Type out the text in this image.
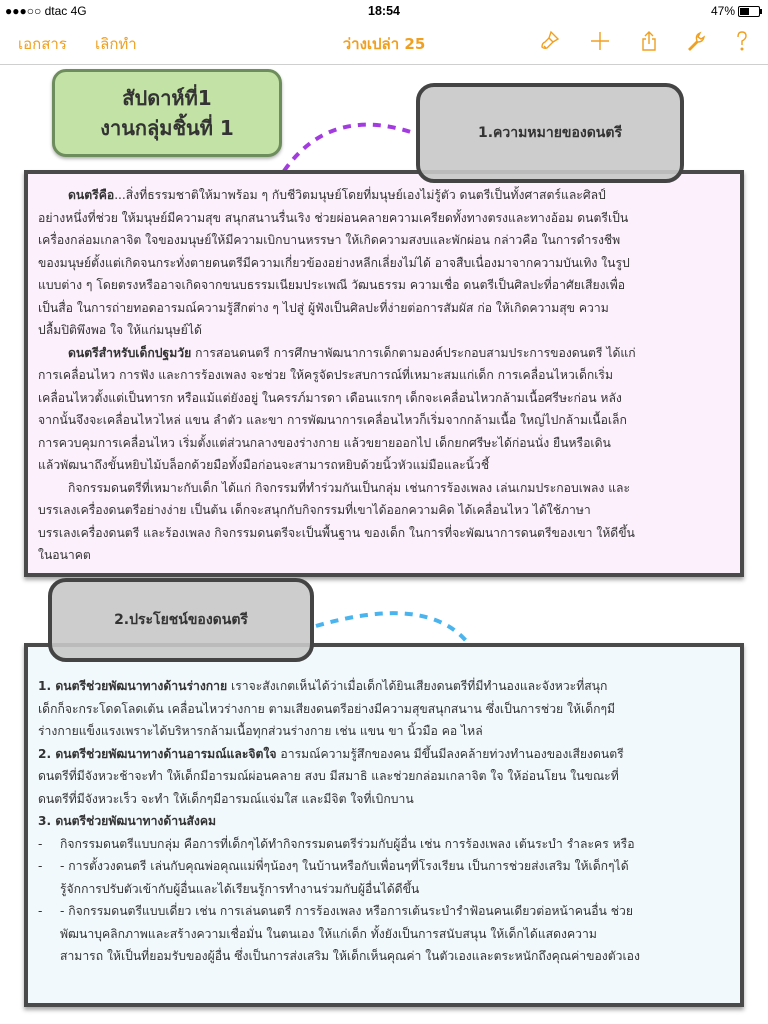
●●●○○ dtac 4G	18:54	47%
เอกสาร เลิกทำ	ว่างเปล่า 25
ดนตรีคือ...สิ่งที่ธรรมชาติให้มาพร้อม ๆ กับชีวิตมนุษย์โดยที่มนุษย์เองไม่รู้ตัว ดนตรีเป็นทั้งศาสตร์และศิลป์
อย่างหนึ่งที่ช่วย ให้มนุษย์มีความสุข สนุกสนานรื่นเริง ช่วยผ่อนคลายความเครียดทั้งทางตรงและทางอ้อม ดนตรีเป็น
เครื่องกล่อมเกลาจิต ใจของมนุษย์ให้มีความเบิกบานหรรษา ให้เกิดความสงบและพักผ่อน กล่าวคือ ในการดำรงชีพ
ของมนุษย์ตั้งแต่เกิดจนกระทั่งตายดนตรีมีความเกี่ยวข้องอย่างหลีกเลี่ยงไม่ได้ อาจสืบเนื่องมาจากความบันเทิง ในรูป
แบบต่าง ๆ โดยตรงหรืออาจเกิดจากขนบธรรมเนียมประเพณี วัฒนธรรม ความเชื่อ ดนตรีเป็นศิลปะที่อาศัยเสียงเพื่อ
เป็นสื่อ ในการถ่ายทอดอารมณ์ความรู้สึกต่าง ๆ ไปสู่ ผู้ฟังเป็นศิลปะที่ง่ายต่อการสัมผัส ก่อ ให้เกิดความสุข ความ
ปลื้มปิติพึงพอ ใจ ให้แก่มนุษย์ได้
ดนตรีสำหรับเด็กปฐมวัย การสอนดนตรี การศึกษาพัฒนาการเด็กตามองค์ประกอบสามประการของดนตรี ได้แก่
การเคลื่อนไหว การฟัง และการร้องเพลง จะช่วย ให้ครูจัดประสบการณ์ที่เหมาะสมแก่เด็ก การเคลื่อนไหวเด็กเริ่ม
เคลื่อนไหวตั้งแต่เป็นทารก หรือแม้แต่ยังอยู่ ในครรภ์มารดา เดือนแรกๆ เด็กจะเคลื่อนไหวกล้ามเนื้อศรีษะก่อน หลัง
จากนั้นจึงจะเคลื่อนไหวไหล่ แขน ลำตัว และขา การพัฒนาการเคลื่อนไหวก็เริ่มจากกล้ามเนื้อ ใหญ่ไปกล้ามเนื้อเล็ก
การควบคุมการเคลื่อนไหว เริ่มตั้งแต่ส่วนกลางของร่างกาย แล้วขยายออกไป เด็กยกศรีษะได้ก่อนนั่ง ยืนหรือเดิน
แล้วพัฒนาถึงขั้นหยิบไม้บล็อกด้วยมือทั้งมือก่อนจะสามารถหยิบด้วยนิ้วหัวแม่มือและนิ้วชี้
กิจกรรมดนตรีที่เหมาะกับเด็ก ได้แก่ กิจกรรมที่ทำร่วมกันเป็นกลุ่ม เช่นการร้องเพลง เล่นเกมประกอบเพลง และ
บรรเลงเครื่องดนตรีอย่างง่าย เป็นต้น เด็กจะสนุกกับกิจกรรมที่เขาได้ออกความคิด ได้เคลื่อนไหว ได้ใช้ภาษา
บรรเลงเครื่องดนตรี และร้องเพลง กิจกรรมดนตรีจะเป็นพื้นฐาน ของเด็ก ในการที่จะพัฒนาการดนตรีของเขา ให้ดีขึ้น
ในอนาคต
1. ดนตรีช่วยพัฒนาทางด้านร่างกาย เราจะสังเกตเห็นได้ว่าเมื่อเด็กได้ยินเสียงดนตรีที่มีทำนองและจังหวะที่สนุก
เด็กก็จะกระโดดโลดเต้น เคลื่อนไหวร่างกาย ตามเสียงดนตรีอย่างมีความสุขสนุกสนาน ซึ่งเป็นการช่วย ให้เด็กๆมี
ร่างกายแข็งแรงเพราะได้บริหารกล้ามเนื้อทุกส่วนร่างกาย เช่น แขน ขา นิ้วมือ คอ ไหล่
2. ดนตรีช่วยพัฒนาทางด้านอารมณ์และจิตใจ อารมณ์ความรู้สึกของคน มีขึ้นมีลงคล้ายท่วงทำนองของเสียงดนตรี
ดนตรีที่มีจังหวะช้าจะทำ ให้เด็กมีอารมณ์ผ่อนคลาย สงบ มีสมาธิ และช่วยกล่อมเกลาจิต ใจ ให้อ่อนโยน ในขณะที่
ดนตรีที่มีจังหวะเร็ว จะทำ ให้เด็กๆมีอารมณ์แจ่มใส และมีจิต ใจที่เบิกบาน
3. ดนตรีช่วยพัฒนาทางด้านสังคม
- กิจกรรมดนตรีแบบกลุ่ม คือการที่เด็กๆได้ทำกิจกรรมดนตรีร่วมกับผู้อื่น เช่น การร้องเพลง เต้นระบำ รำละคร หรือ
- - การตั้งวงดนตรี เล่นกับคุณพ่อคุณแม่พี่ๆน้องๆ ในบ้านหรือกับเพื่อนๆที่โรงเรียน เป็นการช่วยส่งเสริม ให้เด็กๆได้
รู้จักการปรับตัวเข้ากับผู้อื่นและได้เรียนรู้การทำงานร่วมกับผู้อื่นได้ดีขึ้น
- - กิจกรรมดนตรีแบบเดี่ยว เช่น การเล่นดนตรี การร้องเพลง หรือการเต้นระบำรำฟ้อนคนเดียวต่อหน้าคนอื่น ช่วย
พัฒนาบุคลิกภาพและสร้างความเชื่อมั่น ในตนเอง ให้แก่เด็ก ทั้งยังเป็นการสนับสนุน ให้เด็กได้แสดงความ
สามารถ ให้เป็นที่ยอมรับของผู้อื่น ซึ่งเป็นการส่งเสริม ให้เด็กเห็นคุณค่า ในตัวเองและตระหนักถึงคุณค่าของตัวเอง
สัปดาห์ที่1
งานกลุ่มชิ้นที่ 1	1.ความหมายของดนตรี
2.ประโยชน์ของดนตรี
